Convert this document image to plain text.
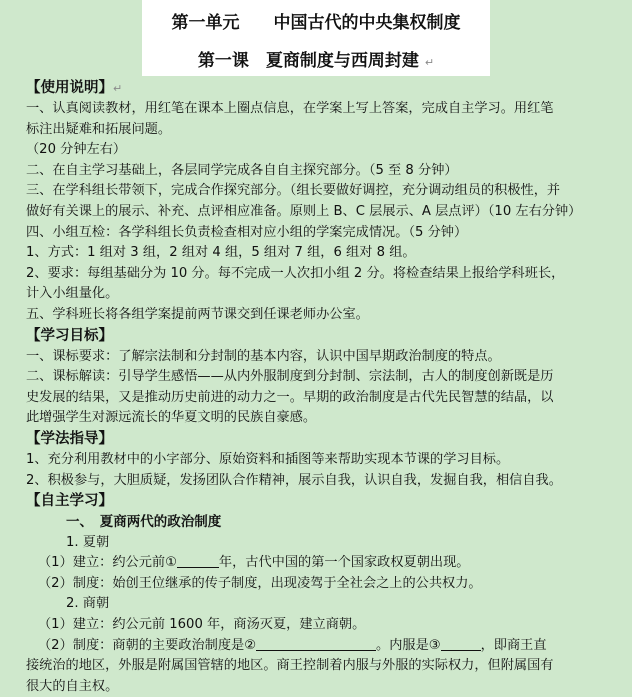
第一单元　　中国古代的中央集权制度
第一课　夏商制度与西周封建 ↵
【使用说明】↵
一、认真阅读教材，用红笔在课本上圈点信息，在学案上写上答案，完成自主学习。用红笔
标注出疑难和拓展问题。
（20 分钟左右）
二、在自主学习基础上，各层同学完成各自自主探究部分。（5 至 8 分钟）
三、在学科组长带领下，完成合作探究部分。（组长要做好调控，充分调动组员的积极性，并
做好有关课上的展示、补充、点评相应准备。原则上 B、C 层展示、A 层点评）（10 左右分钟）
四、小组互检：各学科组长负责检查相对应小组的学案完成情况。（5 分钟）
1、方式：1 组对 3 组，2 组对 4 组，5 组对 7 组，6 组对 8 组。
2、要求：每组基础分为 10 分。每不完成一人次扣小组 2 分。将检查结果上报给学科班长，
计入小组量化。
五、学科班长将各组学案提前两节课交到任课老师办公室。
【学习目标】
一、课标要求：了解宗法制和分封制的基本内容，认识中国早期政治制度的特点。
二、课标解读：引导学生感悟——从内外服制度到分封制、宗法制，古人的制度创新既是历
史发展的结果，又是推动历史前进的动力之一。早期的政治制度是古代先民智慧的结晶，以
此增强学生对源远流长的华夏文明的民族自豪感。
【学法指导】
1、充分利用教材中的小字部分、原始资料和插图等来帮助实现本节课的学习目标。
2、积极参与，大胆质疑，发扬团队合作精神，展示自我，认识自我，发掘自我，相信自我。
【自主学习】
一、　夏商两代的政治制度
1. 夏朝
（1）建立：约公元前①	年，古代中国的第一个国家政权夏朝出现。
（2）制度：始创王位继承的传子制度，出现凌驾于全社会之上的公共权力。
2. 商朝
（1）建立：约公元前 1600 年，商汤灭夏，建立商朝。
（2）制度：商朝的主要政治制度是②	。内服是③	，即商王直
接统治的地区，外服是附属国管辖的地区。商王控制着内服与外服的实际权力，但附属国有
很大的自主权。
